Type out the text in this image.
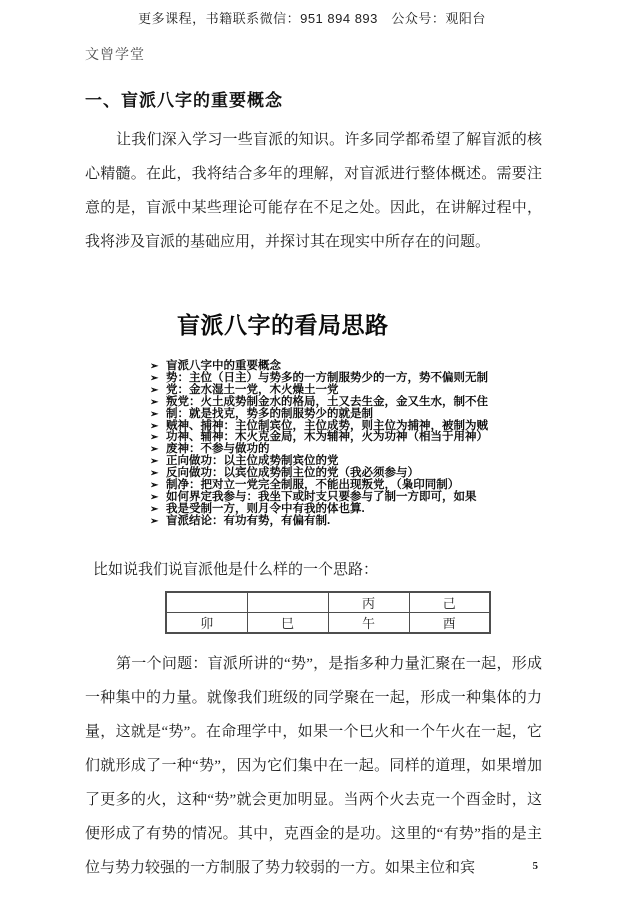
更多课程，书籍联系微信：951 894 893　公众号：观阳台
文曾学堂
一、盲派八字的重要概念

让我们深入学习一些盲派的知识。许多同学都希望了解盲派的核心精髓。在此，我将结合多年的理解，对盲派进行整体概述。需要注意的是，盲派中某些理论可能存在不足之处。因此，在讲解过程中，我将涉及盲派的基础应用，并探讨其在现实中所存在的问题。

盲派八字的看局思路
➢ 盲派八字中的重要概念
➢ 势：主位（日主）与势多的一方制服势少的一方，势不偏则无制
➢ 党：金水湿土一党，木火燥土一党
➢ 叛党：火土成势制金水的格局，土又去生金，金又生水，制不住
➢ 制：就是找克，势多的制服势少的就是制
➢ 贼神、捕神：主位制宾位，主位成势，则主位为捕神，被制为贼
➢ 功神、辅神：木火克金局，木为辅神，火为功神（相当于用神）
➢ 废神：不参与做功的
➢ 正向做功：以主位成势制宾位的党
➢ 反向做功：以宾位成势制主位的党（我必须参与）
➢ 制净：把对立一党完全制服，不能出现叛党，（枭印同制）
➢ 如何界定我参与：我坐下或时支只要参与了制一方即可，如果
➢ 我是受制一方，则月令中有我的体也算.
➢ 盲派结论：有功有势，有偏有制.

比如说我们说盲派他是什么样的一个思路：

		丙	己
卯	巳	午	酉

第一个问题：盲派所讲的“势”，是指多种力量汇聚在一起，形成一种集中的力量。就像我们班级的同学聚在一起，形成一种集体的力量，这就是“势”。在命理学中，如果一个巳火和一个午火在一起，它们就形成了一种“势”，因为它们集中在一起。同样的道理，如果增加了更多的火，这种“势”就会更加明显。当两个火去克一个酉金时，这便形成了有势的情况。其中，克酉金的是功。这里的“有势”指的是主位与势力较强的一方制服了势力较弱的一方。如果主位和宾	5
